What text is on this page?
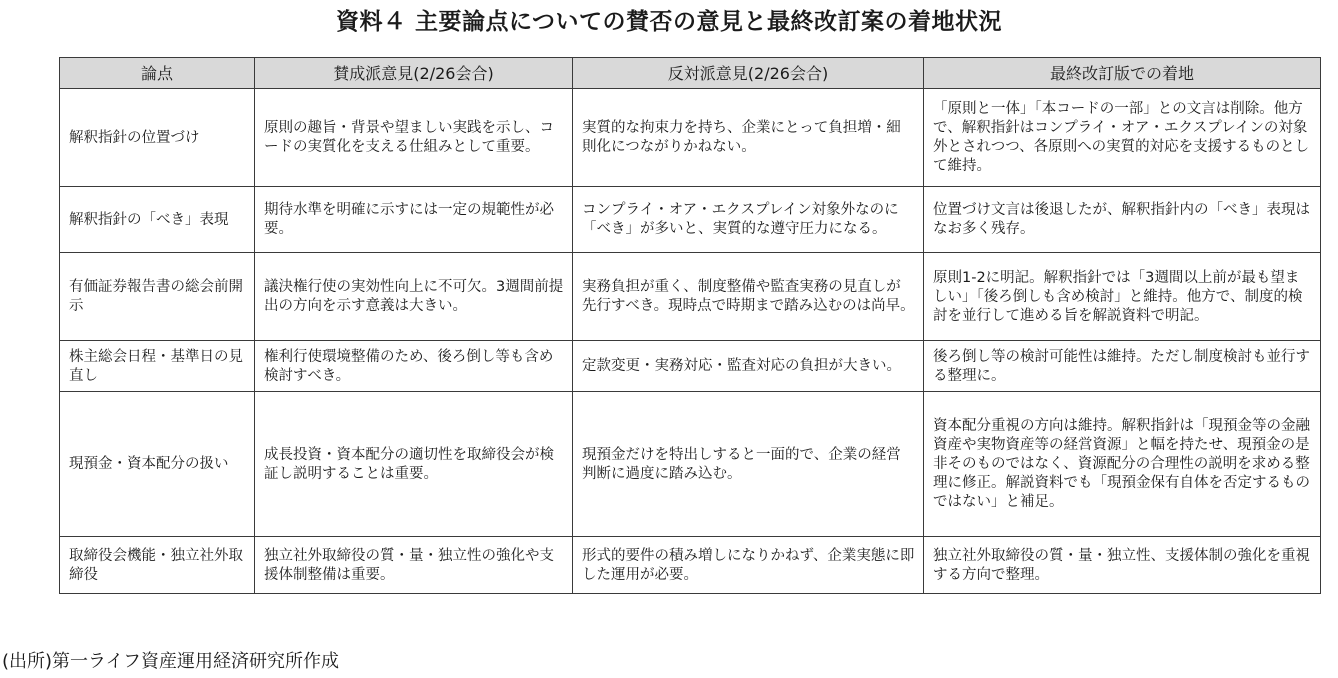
資料４ 主要論点についての賛否の意見と最終改訂案の着地状況
論点	賛成派意見(2/26会合)	反対派意見(2/26会合)	最終改訂版での着地
解釈指針の位置づけ	原則の趣旨・背景や望ましい実践を示し、コードの実質化を支える仕組みとして重要。	実質的な拘束力を持ち、企業にとって負担増・細則化につながりかねない。	「原則と一体」「本コードの一部」との文言は削除。他方で、解釈指針はコンプライ・オア・エクスプレインの対象外とされつつ、各原則への実質的対応を支援するものとして維持。
解釈指針の「べき」表現	期待水準を明確に示すには一定の規範性が必要。	コンプライ・オア・エクスプレイン対象外なのに「べき」が多いと、実質的な遵守圧力になる。	位置づけ文言は後退したが、解釈指針内の「べき」表現はなお多く残存。
有価証券報告書の総会前開示	議決権行使の実効性向上に不可欠。3週間前提出の方向を示す意義は大きい。	実務負担が重く、制度整備や監査実務の見直しが先行すべき。現時点で時期まで踏み込むのは尚早。	原則1-2に明記。解釈指針では「3週間以上前が最も望ましい」「後ろ倒しも含め検討」と維持。他方で、制度的検討を並行して進める旨を解説資料で明記。
株主総会日程・基準日の見直し	権利行使環境整備のため、後ろ倒し等も含め検討すべき。	定款変更・実務対応・監査対応の負担が大きい。	後ろ倒し等の検討可能性は維持。ただし制度検討も並行する整理に。
現預金・資本配分の扱い	成長投資・資本配分の適切性を取締役会が検証し説明することは重要。	現預金だけを特出しすると一面的で、企業の経営判断に過度に踏み込む。	資本配分重視の方向は維持。解釈指針は「現預金等の金融資産や実物資産等の経営資源」と幅を持たせ、現預金の是非そのものではなく、資源配分の合理性の説明を求める整理に修正。解説資料でも「現預金保有自体を否定するものではない」と補足。
取締役会機能・独立社外取締役	独立社外取締役の質・量・独立性の強化や支援体制整備は重要。	形式的要件の積み増しになりかねず、企業実態に即した運用が必要。	独立社外取締役の質・量・独立性、支援体制の強化を重視する方向で整理。
(出所)第一ライフ資産運用経済研究所作成
